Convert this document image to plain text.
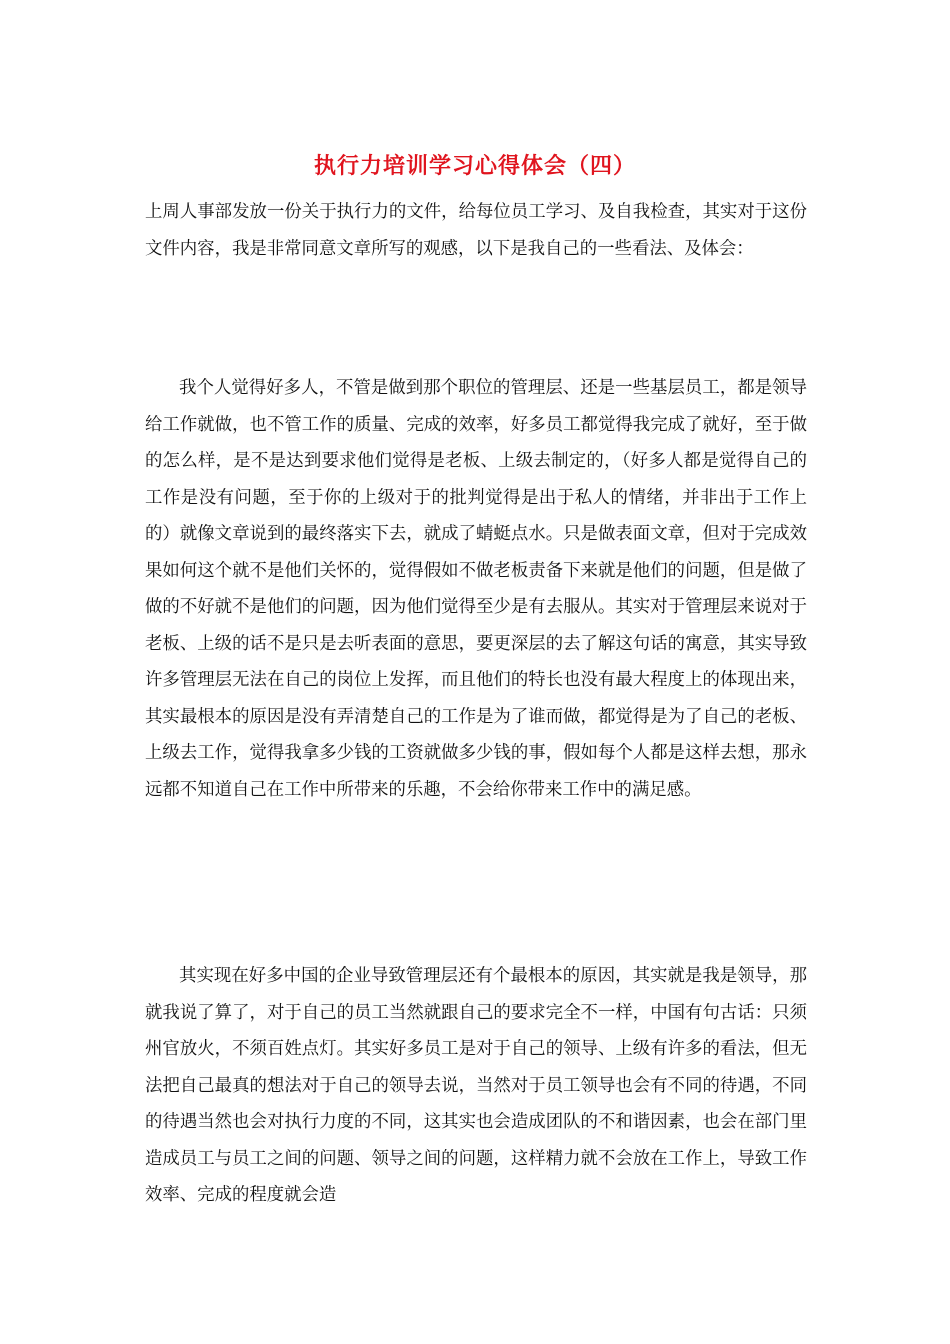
执行力培训学习心得体会（四）

上周人事部发放一份关于执行力的文件，给每位员工学习、及自我检查，其实对于这份文件内容，我是非常同意文章所写的观感，以下是我自己的一些看法、及体会：

我个人觉得好多人，不管是做到那个职位的管理层、还是一些基层员工，都是领导给工作就做，也不管工作的质量、完成的效率，好多员工都觉得我完成了就好，至于做的怎么样，是不是达到要求他们觉得是老板、上级去制定的，（好多人都是觉得自己的工作是没有问题，至于你的上级对于的批判觉得是出于私人的情绪，并非出于工作上的）就像文章说到的最终落实下去，就成了蜻蜓点水。只是做表面文章，但对于完成效果如何这个就不是他们关怀的，觉得假如不做老板责备下来就是他们的问题，但是做了做的不好就不是他们的问题，因为他们觉得至少是有去服从。其实对于管理层来说对于老板、上级的话不是只是去听表面的意思，要更深层的去了解这句话的寓意，其实导致许多管理层无法在自己的岗位上发挥，而且他们的特长也没有最大程度上的体现出来，其实最根本的原因是没有弄清楚自己的工作是为了谁而做，都觉得是为了自己的老板、上级去工作，觉得我拿多少钱的工资就做多少钱的事，假如每个人都是这样去想，那永远都不知道自己在工作中所带来的乐趣，不会给你带来工作中的满足感。

其实现在好多中国的企业导致管理层还有个最根本的原因，其实就是我是领导，那就我说了算了，对于自己的员工当然就跟自己的要求完全不一样，中国有句古话：只须州官放火，不须百姓点灯。其实好多员工是对于自己的领导、上级有许多的看法，但无法把自己最真的想法对于自己的领导去说，当然对于员工领导也会有不同的待遇，不同的待遇当然也会对执行力度的不同，这其实也会造成团队的不和谐因素，也会在部门里造成员工与员工之间的问题、领导之间的问题，这样精力就不会放在工作上，导致工作效率、完成的程度就会造
